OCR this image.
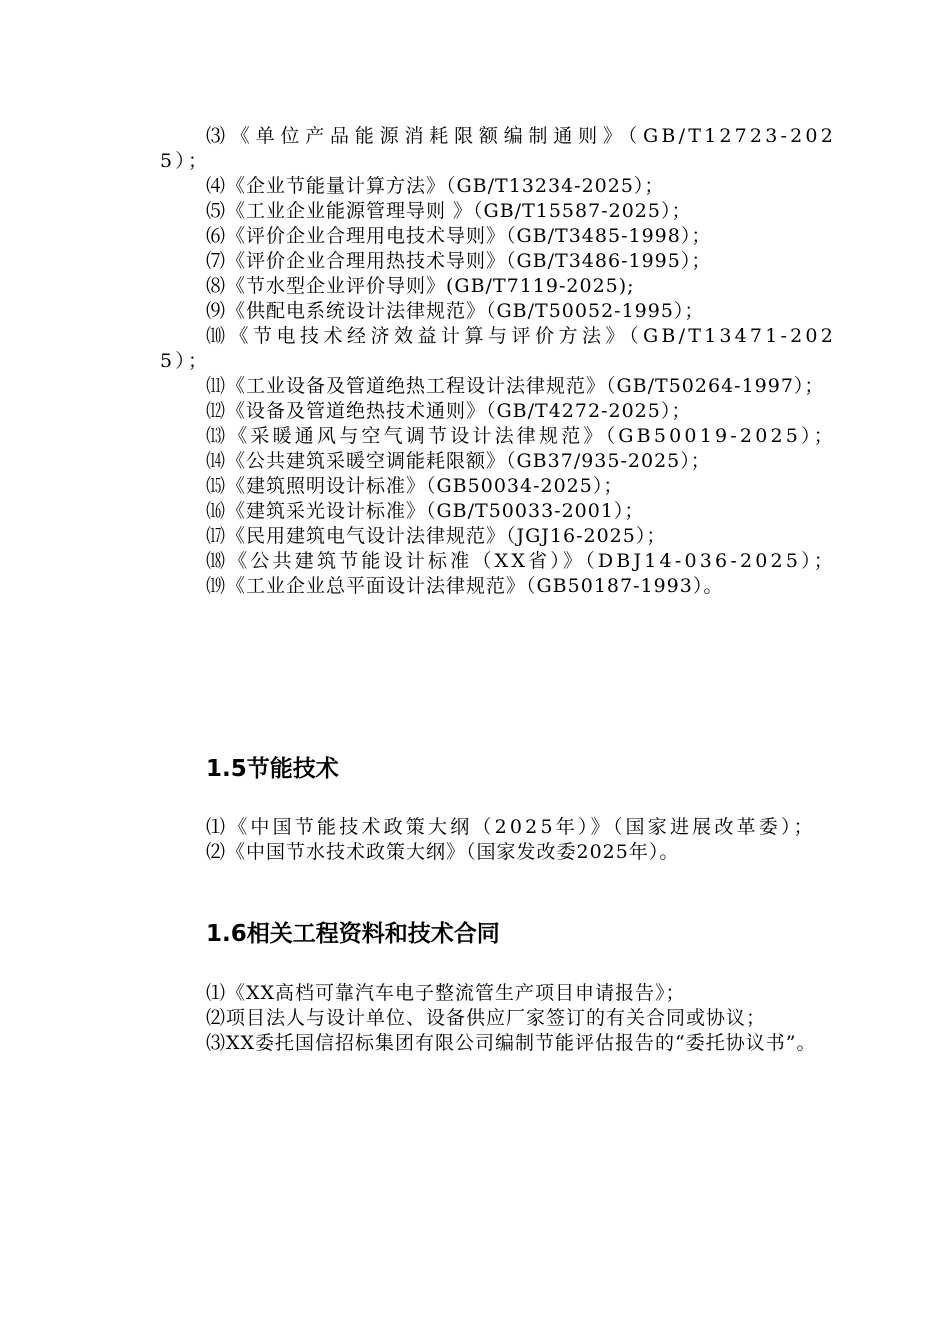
⑶《单位产品能源消耗限额编制通则》（GB/T12723-2025）；
⑷《企业节能量计算方法》（GB/T13234-2025）；
⑸《工业企业能源管理导则 》（GB/T15587-2025）；
⑹《评价企业合理用电技术导则》（GB/T3485-1998）；
⑺《评价企业合理用热技术导则》（GB/T3486-1995）；
⑻《节水型企业评价导则》(GB/T7119-2025);
⑼《供配电系统设计法律规范》（GB/T50052-1995）；
⑽《节电技术经济效益计算与评价方法》（GB/T13471-2025）；
⑾《工业设备及管道绝热工程设计法律规范》（GB/T50264-1997）；
⑿《设备及管道绝热技术通则》（GB/T4272-2025）；
⒀《采暖通风与空气调节设计法律规范》（GB50019-2025）；
⒁《公共建筑采暖空调能耗限额》（GB37/935-2025）；
⒂《建筑照明设计标准》（GB50034-2025）；
⒃《建筑采光设计标准》（GB/T50033-2001）；
⒄《民用建筑电气设计法律规范》（JGJ16-2025）；
⒅《公共建筑节能设计标准（XX省）》（DBJ14-036-2025）；
⒆《工业企业总平面设计法律规范》（GB50187-1993）。
1.5节能技术
⑴《中国节能技术政策大纲（2025年）》（国家进展改革委）；
⑵《中国节水技术政策大纲》（国家发改委2025年）。
1.6相关工程资料和技术合同
⑴《XX高档可靠汽车电子整流管生产项目申请报告》；
⑵项目法人与设计单位、设备供应厂家签订的有关合同或协议；
⑶XX委托国信招标集团有限公司编制节能评估报告的“委托协议书”。
